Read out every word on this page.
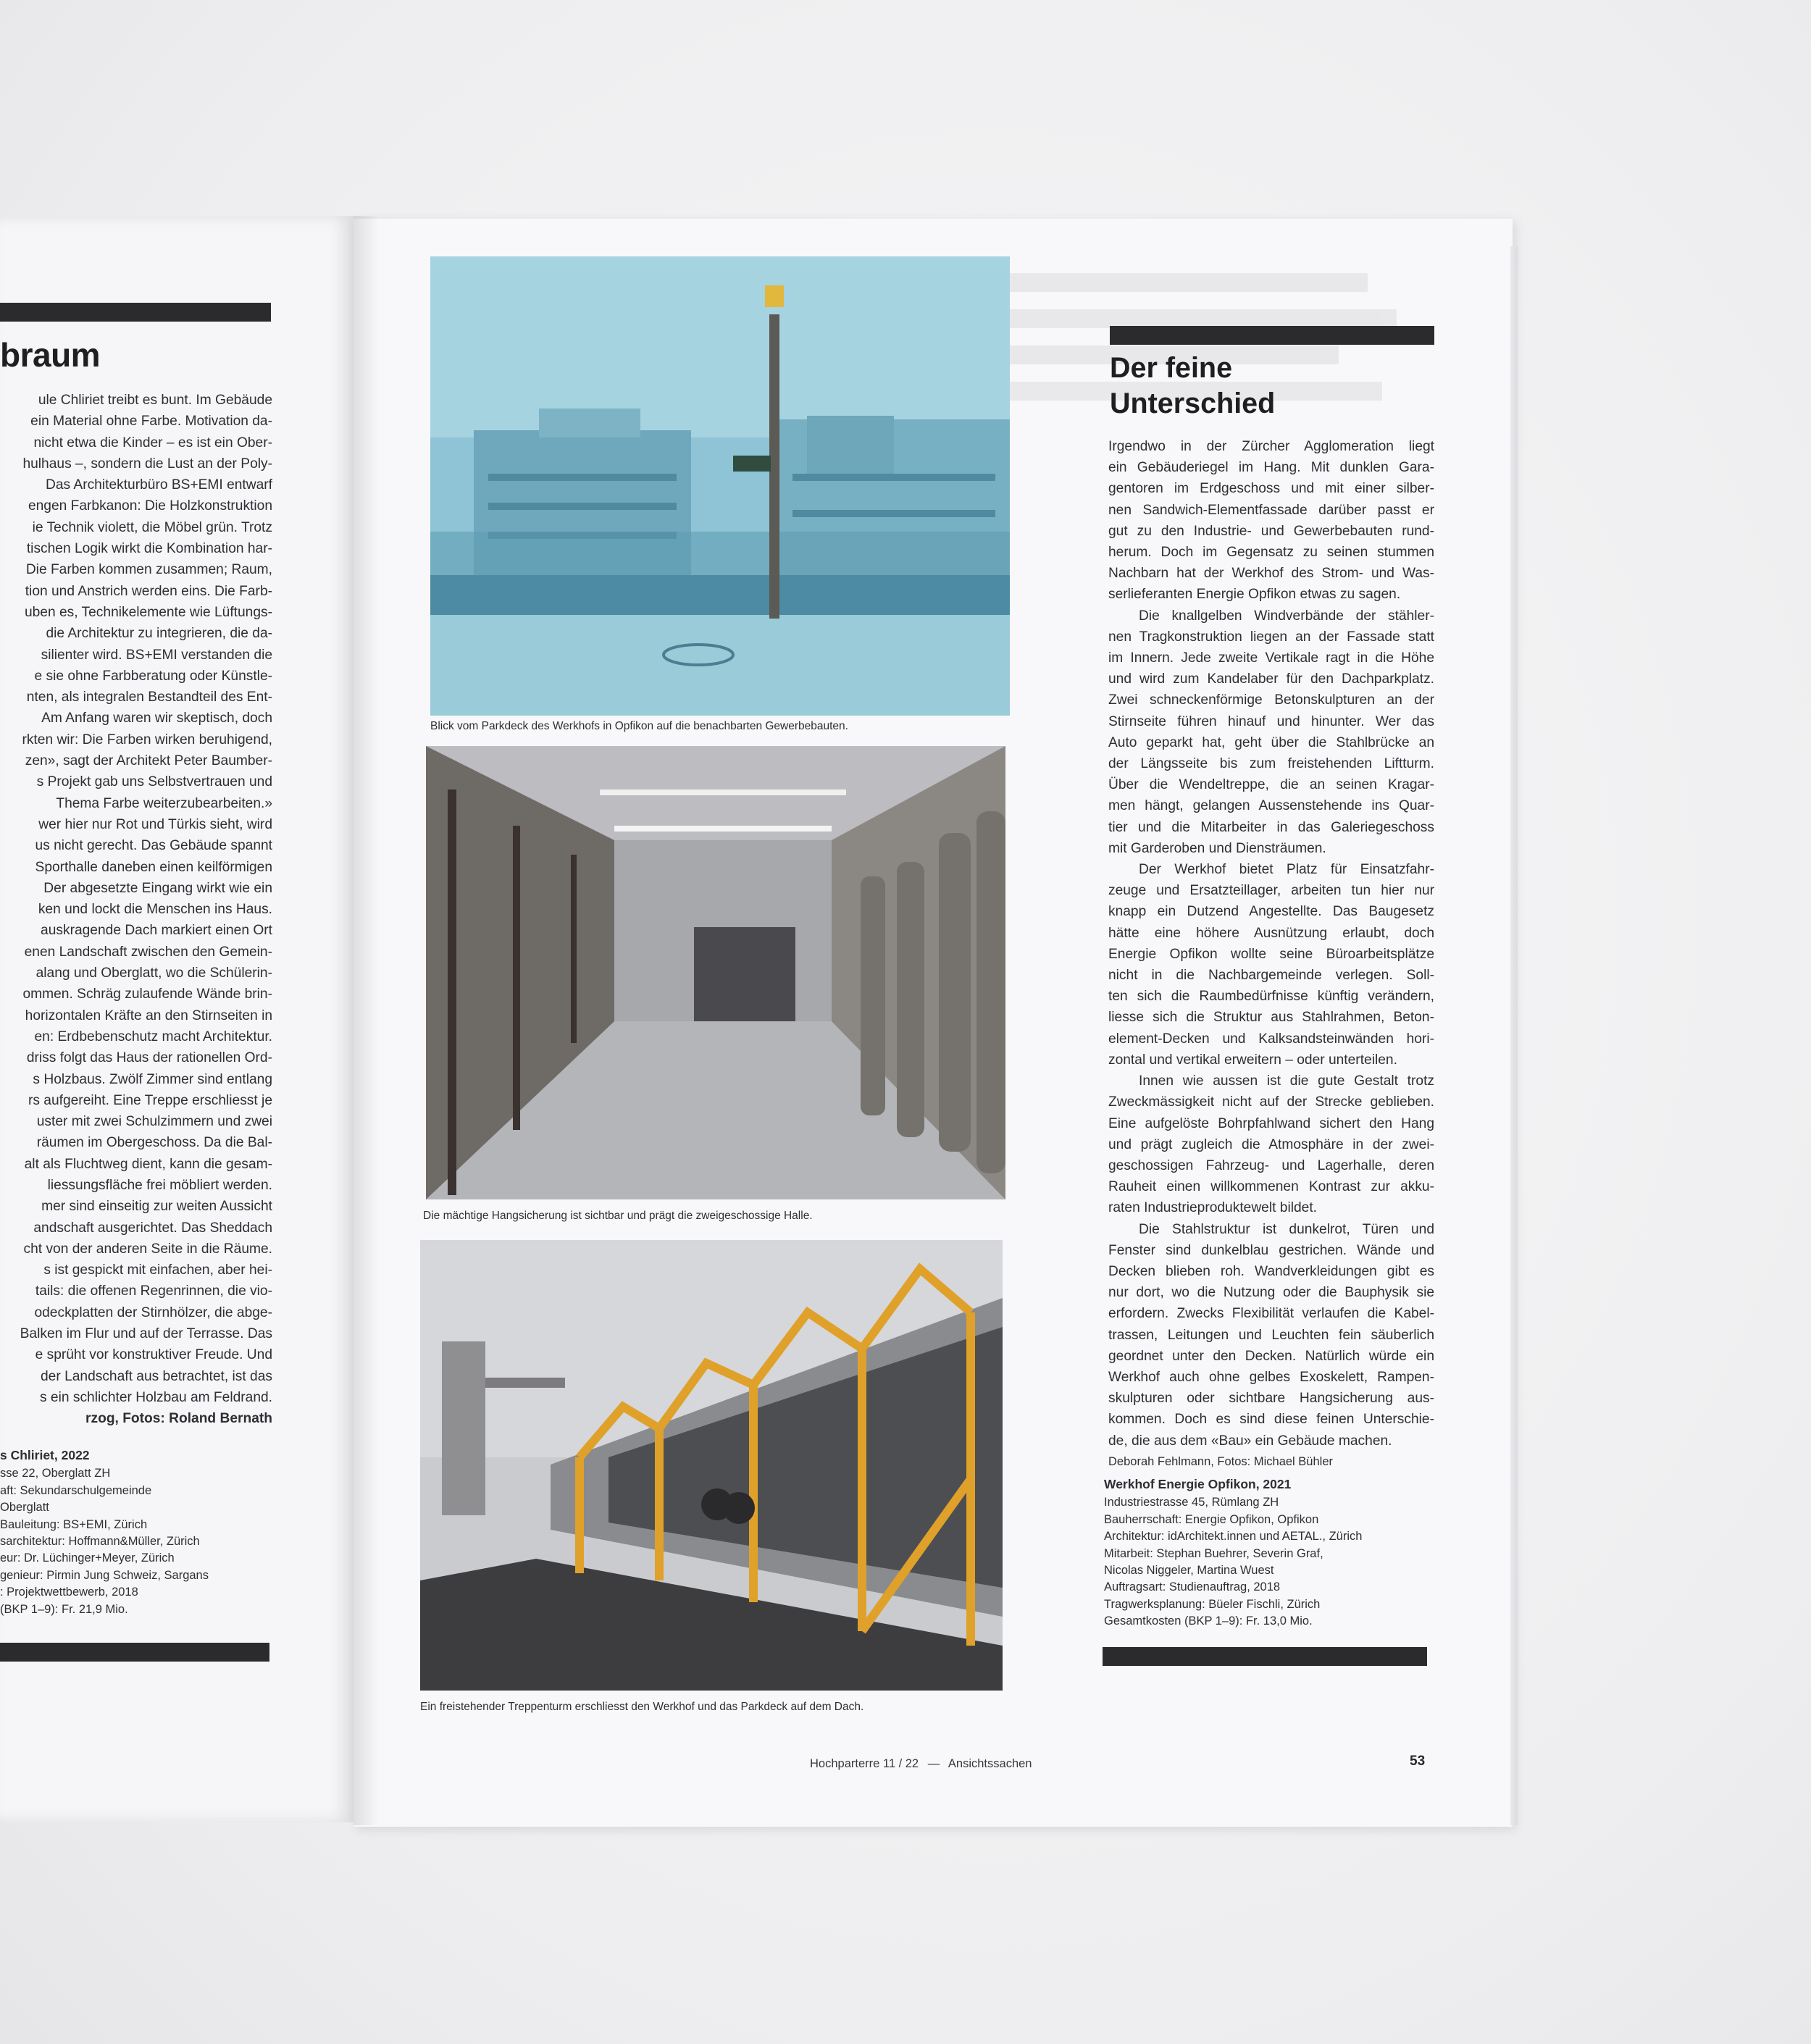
braum
ule Chliriet treibt es bunt. Im Gebäude
ein Material ohne Farbe. Motivation da-
nicht etwa die Kinder – es ist ein Ober-
hulhaus –, sondern die Lust an der Poly-
Das Architekturbüro BS+EMI entwarf
engen Farbkanon: Die Holzkonstruktion
ie Technik violett, die Möbel grün. Trotz
tischen Logik wirkt die Kombination har-
Die Farben kommen zusammen; Raum,
tion und Anstrich werden eins. Die Farb-
uben es, Technikelemente wie Lüftungs-
die Architektur zu integrieren, die da-
silienter wird. BS+EMI verstanden die
e sie ohne Farbberatung oder Künstle-
nten, als integralen Bestandteil des Ent-
Am Anfang waren wir skeptisch, doch
rkten wir: Die Farben wirken beruhigend,
zen», sagt der Architekt Peter Baumber-
s Projekt gab uns Selbstvertrauen und
Thema Farbe weiterzubearbeiten.»
wer hier nur Rot und Türkis sieht, wird
us nicht gerecht. Das Gebäude spannt
Sporthalle daneben einen keilförmigen
Der abgesetzte Eingang wirkt wie ein
ken und lockt die Menschen ins Haus.
auskragende Dach markiert einen Ort
enen Landschaft zwischen den Gemein-
alang und Oberglatt, wo die Schülerin-
ommen. Schräg zulaufende Wände brin-
horizontalen Kräfte an den Stirnseiten in
en: Erdbebenschutz macht Architektur.
driss folgt das Haus der rationellen Ord-
s Holzbaus. Zwölf Zimmer sind entlang
rs aufgereiht. Eine Treppe erschliesst je
uster mit zwei Schulzimmern und zwei
räumen im Obergeschoss. Da die Bal-
alt als Fluchtweg dient, kann die gesam-
liessungsfläche frei möbliert werden.
mer sind einseitig zur weiten Aussicht
andschaft ausgerichtet. Das Sheddach
cht von der anderen Seite in die Räume.
s ist gespickt mit einfachen, aber hei-
tails: die offenen Regenrinnen, die vio-
odeckplatten der Stirnhölzer, die abge-
Balken im Flur und auf der Terrasse. Das
e sprüht vor konstruktiver Freude. Und
der Landschaft aus betrachtet, ist das
s ein schlichter Holzbau am Feldrand.
rzog, Fotos: Roland Bernath
s Chliriet, 2022
sse 22, Oberglatt ZH
aft: Sekundarschulgemeinde
Oberglatt
Bauleitung: BS+EMI, Zürich
sarchitektur: Hoffmann&Müller, Zürich
eur: Dr. Lüchinger+Meyer, Zürich
genieur: Pirmin Jung Schweiz, Sargans
: Projektwettbewerb, 2018
(BKP 1–9): Fr. 21,9 Mio.
Blick vom Parkdeck des Werkhofs in Opfikon auf die benachbarten Gewerbebauten.
Die mächtige Hangsicherung ist sichtbar und prägt die zweigeschossige Halle.
Ein freistehender Treppenturm erschliesst den Werkhof und das Parkdeck auf dem Dach.
Der feine
Unterschied
Irgendwo in der Zürcher Agglomeration liegt
ein Gebäuderiegel im Hang. Mit dunklen Gara-
gentoren im Erdgeschoss und mit einer silber-
nen Sandwich-Elementfassade darüber passt er
gut zu den Industrie- und Gewerbebauten rund-
herum. Doch im Gegensatz zu seinen stummen
Nachbarn hat der Werkhof des Strom- und Was-
serlieferanten Energie Opfikon etwas zu sagen.
Die knallgelben Windverbände der stähler-
nen Tragkonstruktion liegen an der Fassade statt
im Innern. Jede zweite Vertikale ragt in die Höhe
und wird zum Kandelaber für den Dachparkplatz.
Zwei schneckenförmige Betonskulpturen an der
Stirnseite führen hinauf und hinunter. Wer das
Auto geparkt hat, geht über die Stahlbrücke an
der Längsseite bis zum freistehenden Liftturm.
Über die Wendeltreppe, die an seinen Kragar-
men hängt, gelangen Aussenstehende ins Quar-
tier und die Mitarbeiter in das Galeriegeschoss
mit Garderoben und Diensträumen.
Der Werkhof bietet Platz für Einsatzfahr-
zeuge und Ersatzteillager, arbeiten tun hier nur
knapp ein Dutzend Angestellte. Das Baugesetz
hätte eine höhere Ausnützung erlaubt, doch
Energie Opfikon wollte seine Büroarbeitsplätze
nicht in die Nachbargemeinde verlegen. Soll-
ten sich die Raumbedürfnisse künftig verändern,
liesse sich die Struktur aus Stahlrahmen, Beton-
element-Decken und Kalksandsteinwänden hori-
zontal und vertikal erweitern – oder unterteilen.
Innen wie aussen ist die gute Gestalt trotz
Zweckmässigkeit nicht auf der Strecke geblieben.
Eine aufgelöste Bohrpfahlwand sichert den Hang
und prägt zugleich die Atmosphäre in der zwei-
geschossigen Fahrzeug- und Lagerhalle, deren
Rauheit einen willkommenen Kontrast zur akku-
raten Industrieproduktewelt bildet.
Die Stahlstruktur ist dunkelrot, Türen und
Fenster sind dunkelblau gestrichen. Wände und
Decken blieben roh. Wandverkleidungen gibt es
nur dort, wo die Nutzung oder die Bauphysik sie
erfordern. Zwecks Flexibilität verlaufen die Kabel-
trassen, Leitungen und Leuchten fein säuberlich
geordnet unter den Decken. Natürlich würde ein
Werkhof auch ohne gelbes Exoskelett, Rampen-
skulpturen oder sichtbare Hangsicherung aus-
kommen. Doch es sind diese feinen Unterschie-
de, die aus dem «Bau» ein Gebäude machen.
Deborah Fehlmann, Fotos: Michael Bühler
Werkhof Energie Opfikon, 2021
Industriestrasse 45, Rümlang ZH
Bauherrschaft: Energie Opfikon, Opfikon
Architektur: idArchitekt.innen und AETAL., Zürich
Mitarbeit: Stephan Buehrer, Severin Graf,
Nicolas Niggeler, Martina Wuest
Auftragsart: Studienauftrag, 2018
Tragwerksplanung: Büeler Fischli, Zürich
Gesamtkosten (BKP 1–9): Fr. 13,0 Mio.
Hochparterre 11 / 22 — Ansichtssachen	53
